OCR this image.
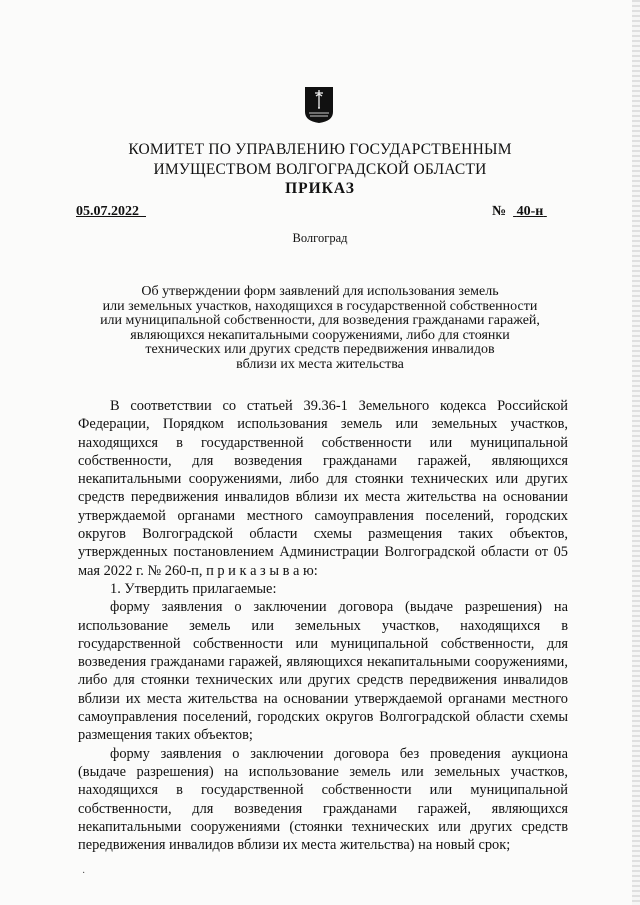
КОМИТЕТ ПО УПРАВЛЕНИЮ ГОСУДАРСТВЕННЫМ
ИМУЩЕСТВОМ ВОЛГОГРАДСКОЙ ОБЛАСТИ
ПРИКАЗ
05.07.2022	№ 40-н
Волгоград
Об утверждении форм заявлений для использования земель
или земельных участков, находящихся в государственной собственности
или муниципальной собственности, для возведения гражданами гаражей,
являющихся некапитальными сооружениями, либо для стоянки
технических или других средств передвижения инвалидов
вблизи их места жительства

В соответствии со статьей 39.36-1 Земельного кодекса Российской Федерации, Порядком использования земель или земельных участков, находящихся в государственной собственности или муниципальной собственности, для возведения гражданами гаражей, являющихся некапитальными сооружениями, либо для стоянки технических или других средств передвижения инвалидов вблизи их места жительства на основании утверждаемой органами местного самоуправления поселений, городских округов Волгоградской области схемы размещения таких объектов, утвержденных постановлением Администрации Волгоградской области от 05 мая 2022 г. № 260-п, п р и к а з ы в а ю:

1. Утвердить прилагаемые:

форму заявления о заключении договора (выдаче разрешения) на использование земель или земельных участков, находящихся в государственной собственности или муниципальной собственности, для возведения гражданами гаражей, являющихся некапитальными сооружениями, либо для стоянки технических или других средств передвижения инвалидов вблизи их места жительства на основании утверждаемой органами местного самоуправления поселений, городских округов Волгоградской области схемы размещения таких объектов;

форму заявления о заключении договора без проведения аукциона (выдаче разрешения) на использование земель или земельных участков, находящихся в государственной собственности или муниципальной собственности, для возведения гражданами гаражей, являющихся некапитальными сооружениями (стоянки технических или других средств передвижения инвалидов вблизи их места жительства) на новый срок;

·
